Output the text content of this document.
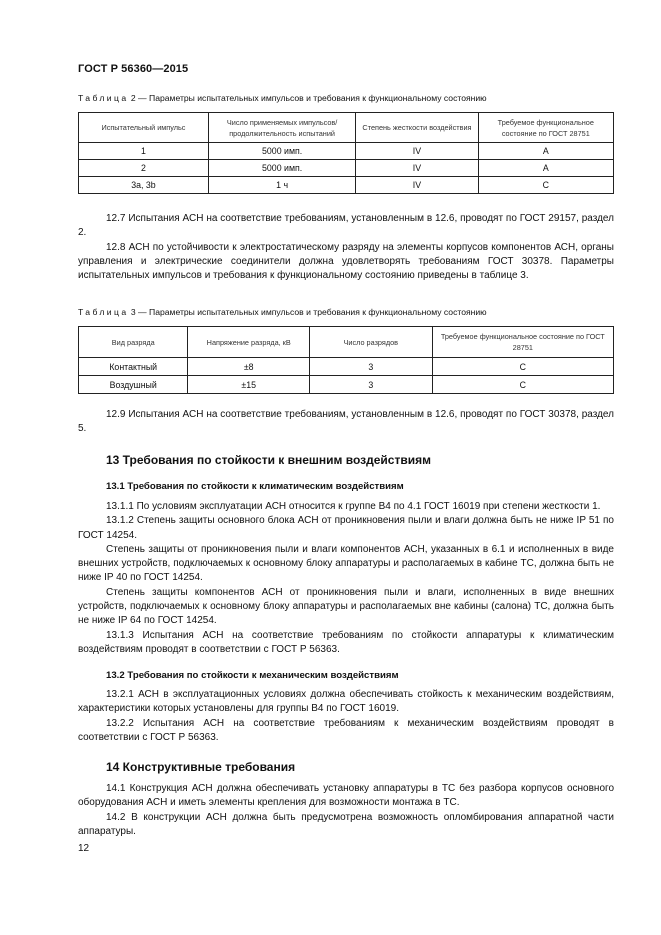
ГОСТ Р 56360—2015
Таблица 2 — Параметры испытательных импульсов и требования к функциональному состоянию
Испытательный импульс	Число применяемых импульсов/ продолжительность испытаний	Степень жесткости воздействия	Требуемое функциональное состояние по ГОСТ 28751
1	5000 имп.	IV	A
2	5000 имп.	IV	A
3а, 3b	1 ч	IV	C

12.7 Испытания АСН на соответствие требованиям, установленным в 12.6, проводят по ГОСТ 29157, раздел 2.

12.8 АСН по устойчивости к электростатическому разряду на элементы корпусов компонентов АСН, органы управления и электрические соединители должна удовлетворять требованиям ГОСТ 30378. Параметры испытательных импульсов и требования к функциональному состоянию приведены в таблице 3.

Таблица 3 — Параметры испытательных импульсов и требования к функциональному состоянию
Вид разряда	Напряжение разряда, кВ	Число разрядов	Требуемое функциональное состояние по ГОСТ 28751
Контактный	±8	3	C
Воздушный	±15	3	C

12.9 Испытания АСН на соответствие требованиям, установленным в 12.6, проводят по ГОСТ 30378, раздел 5.

13 Требования по стойкости к внешним воздействиям
13.1 Требования по стойкости к климатическим воздействиям

13.1.1 По условиям эксплуатации АСН относится к группе В4 по 4.1 ГОСТ 16019 при степени жесткости 1.

13.1.2 Степень защиты основного блока АСН от проникновения пыли и влаги должна быть не ниже IP 51 по ГОСТ 14254.

Степень защиты от проникновения пыли и влаги компонентов АСН, указанных в 6.1 и исполненных в виде внешних устройств, подключаемых к основному блоку аппаратуры и располагаемых в кабине ТС, должна быть не ниже IP 40 по ГОСТ 14254.

Степень защиты компонентов АСН от проникновения пыли и влаги, исполненных в виде внешних устройств, подключаемых к основному блоку аппаратуры и располагаемых вне кабины (салона) ТС, должна быть не ниже IP 64 по ГОСТ 14254.

13.1.3 Испытания АСН на соответствие требованиям по стойкости аппаратуры к климатическим воздействиям проводят в соответствии с ГОСТ Р 56363.

13.2 Требования по стойкости к механическим воздействиям

13.2.1 АСН в эксплуатационных условиях должна обеспечивать стойкость к механическим воздействиям, характеристики которых установлены для группы В4 по ГОСТ 16019.

13.2.2 Испытания АСН на соответствие требованиям к механическим воздействиям проводят в соответствии с ГОСТ Р 56363.

14 Конструктивные требования

14.1 Конструкция АСН должна обеспечивать установку аппаратуры в ТС без разбора корпусов основного оборудования АСН и иметь элементы крепления для возможности монтажа в ТС.

14.2 В конструкции АСН должна быть предусмотрена возможность опломбирования аппаратной части аппаратуры.

12
